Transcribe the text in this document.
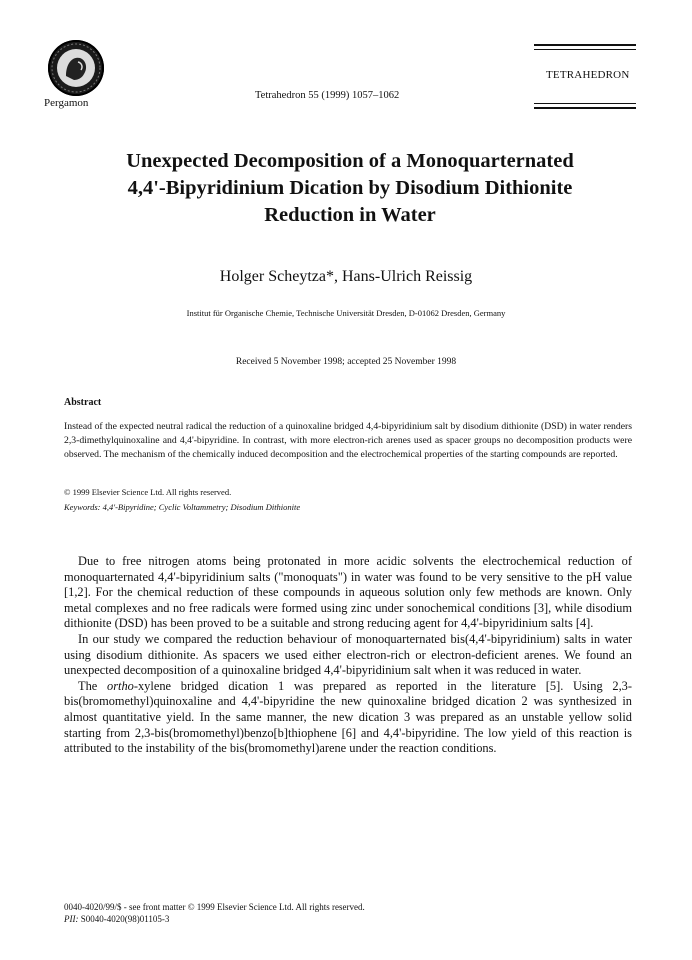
Pergamon
Tetrahedron 55 (1999) 1057–1062
TETRAHEDRON
Unexpected Decomposition of a Monoquarternated
4,4'-Bipyridinium Dication by Disodium Dithionite
Reduction in Water
Holger Scheytza*, Hans-Ulrich Reissig
Institut für Organische Chemie, Technische Universität Dresden, D-01062 Dresden, Germany
Received 5 November 1998; accepted 25 November 1998
Abstract
Instead of the expected neutral radical the reduction of a quinoxaline bridged 4,4-bipyridinium salt by disodium dithionite (DSD) in water renders 2,3-dimethylquinoxaline and 4,4'-bipyridine. In contrast, with more electron-rich arenes used as spacer groups no decomposition products were observed. The mechanism of the chemically induced decomposition and the electrochemical properties of the starting compounds are reported.
© 1999 Elsevier Science Ltd. All rights reserved.
Keywords: 4,4'-Bipyridine; Cyclic Voltammetry; Disodium Dithionite

Due to free nitrogen atoms being protonated in more acidic solvents the electrochemical reduction of monoquarternated 4,4'-bipyridinium salts ("monoquats") in water was found to be very sensitive to the pH value [1,2]. For the chemical reduction of these compounds in aqueous solution only few methods are known. Only metal complexes and no free radicals were formed using zinc under sonochemical conditions [3], while disodium dithionite (DSD) has been proved to be a suitable and strong reducing agent for 4,4'-bipyridinium salts [4].

In our study we compared the reduction behaviour of monoquarternated bis(4,4'-bipyridinium) salts in water using disodium dithionite. As spacers we used either electron-rich or electron-deficient arenes. We found an unexpected decomposition of a quinoxaline bridged 4,4'-bipyridinium salt when it was reduced in water.

The ortho-xylene bridged dication 1 was prepared as reported in the literature [5]. Using 2,3-bis(bromomethyl)quinoxaline and 4,4'-bipyridine the new quinoxaline bridged dication 2 was synthesized in almost quantitative yield. In the same manner, the new dication 3 was prepared as an unstable yellow solid starting from 2,3-bis(bromomethyl)benzo[b]thiophene [6] and 4,4'-bipyridine. The low yield of this reaction is attributed to the instability of the bis(bromomethyl)arene under the reaction conditions.

0040-4020/99/$ - see front matter © 1999 Elsevier Science Ltd. All rights reserved.
PII: S0040-4020(98)01105-3
